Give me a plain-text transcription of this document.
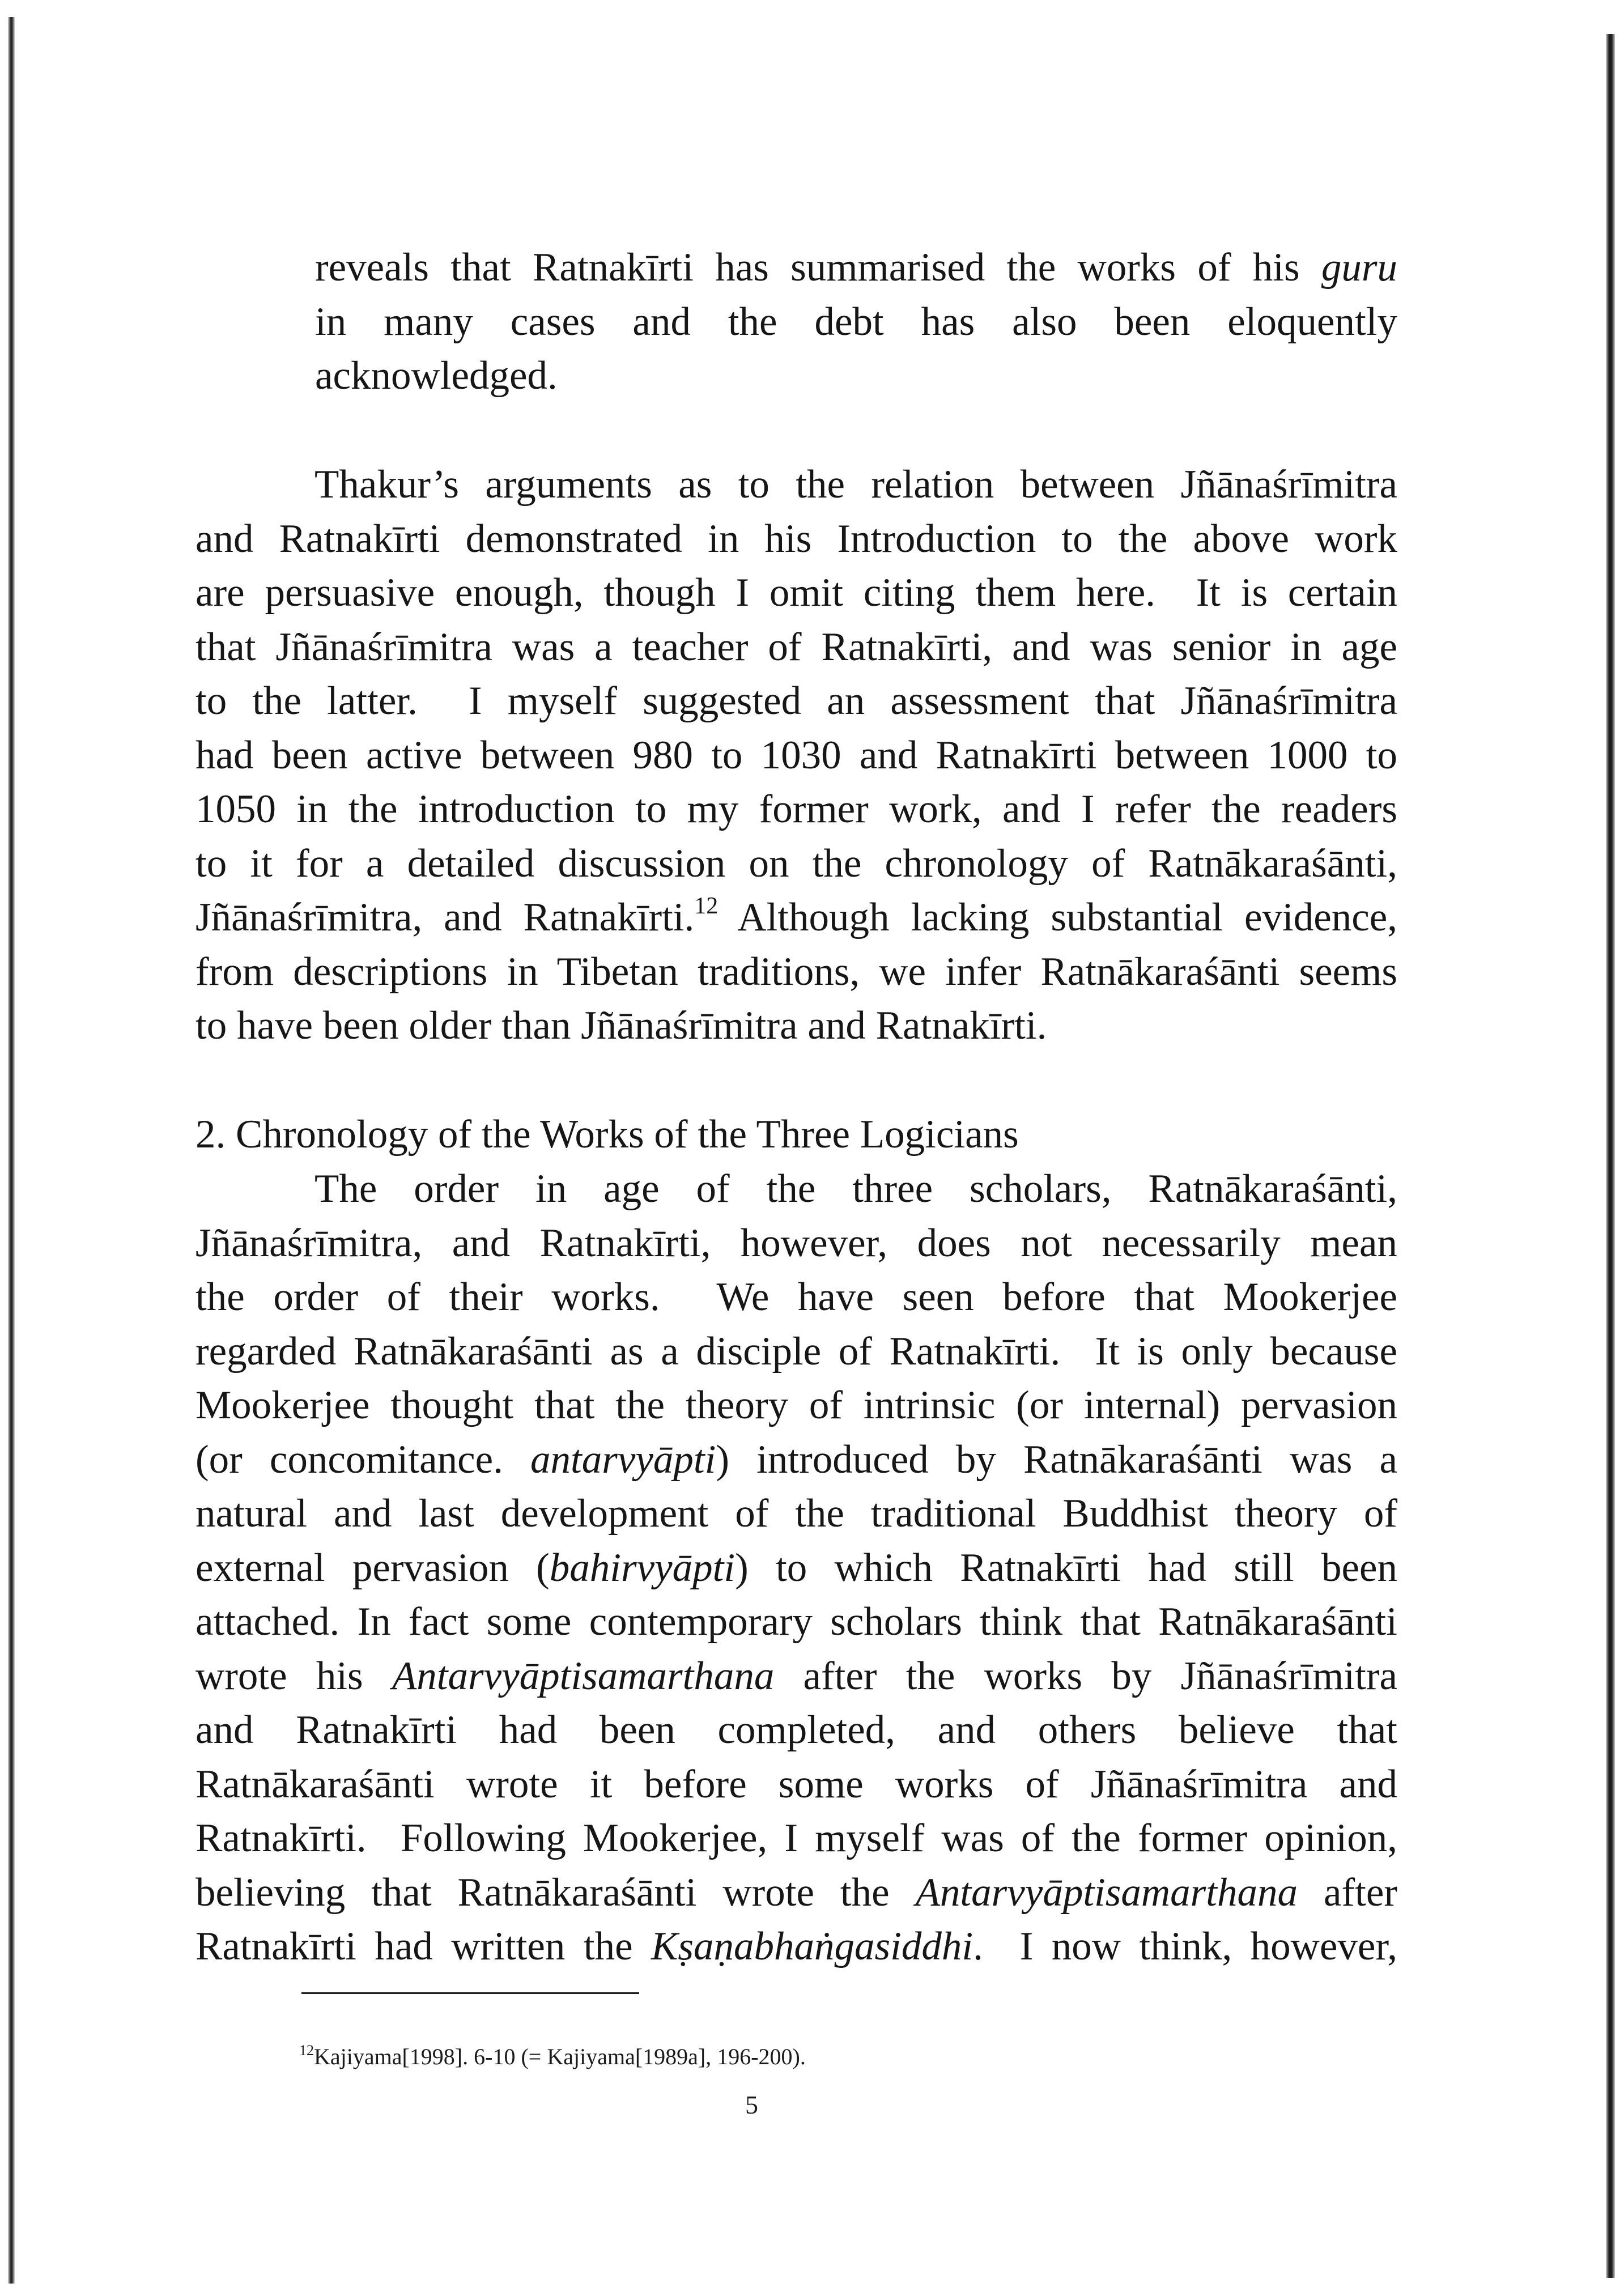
reveals that Ratnakīrti has summarised the works of his guru
in many cases and the debt has also been eloquently
acknowledged.
Thakur’s arguments as to the relation between Jñānaśrīmitra
and Ratnakīrti demonstrated in his Introduction to the above work
are persuasive enough, though I omit citing them here.  It is certain
that Jñānaśrīmitra was a teacher of Ratnakīrti, and was senior in age
to the latter.  I myself suggested an assessment that Jñānaśrīmitra
had been active between 980 to 1030 and Ratnakīrti between 1000 to
1050 in the introduction to my former work, and I refer the readers
to it for a detailed discussion on the chronology of Ratnākaraśānti,
Jñānaśrīmitra, and Ratnakīrti.$^{12}$ Although lacking substantial evidence,
from descriptions in Tibetan traditions, we infer Ratnākaraśānti seems
to have been older than Jñānaśrīmitra and Ratnakīrti.
2. Chronology of the Works of the Three Logicians
The order in age of the three scholars, Ratnākaraśānti,
Jñānaśrīmitra, and Ratnakīrti, however, does not necessarily mean
the order of their works.  We have seen before that Mookerjee
regarded Ratnākaraśānti as a disciple of Ratnakīrti.  It is only because
Mookerjee thought that the theory of intrinsic (or internal) pervasion
(or concomitance. antarvyāpti) introduced by Ratnākaraśānti was a
natural and last development of the traditional Buddhist theory of
external pervasion (bahirvyāpti) to which Ratnakīrti had still been
attached. In fact some contemporary scholars think that Ratnākaraśānti
wrote his Antarvyāptisamarthana after the works by Jñānaśrīmitra
and Ratnakīrti had been completed, and others believe that
Ratnākaraśānti wrote it before some works of Jñānaśrīmitra and
Ratnakīrti.  Following Mookerjee, I myself was of the former opinion,
believing that Ratnākaraśānti wrote the Antarvyāptisamarthana after
Ratnakīrti had written the Kṣaṇabhaṅgasiddhi.  I now think, however,
$^{12}$Kajiyama[1998]. 6-10 (= Kajiyama[1989a], 196-200).
5
